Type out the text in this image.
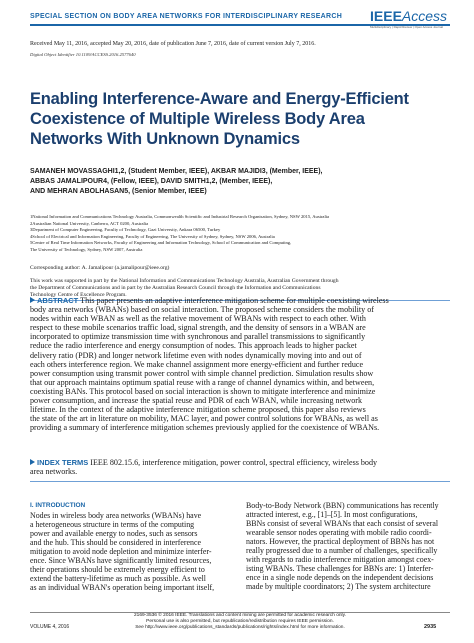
SPECIAL SECTION ON BODY AREA NETWORKS FOR INTERDISCIPLINARY RESEARCH IEEEAccess
Multidisciplinary | Rapid Review | Open Access Journal
Received May 11, 2016, accepted May 20, 2016, date of publication June 7, 2016, date of current version July 7, 2016.
Digital Object Identifier 10.1109/ACCESS.2016.2577640
Enabling Interference-Aware and Energy-Efficient
Coexistence of Multiple Wireless Body Area
Networks With Unknown Dynamics
SAMANEH MOVASSAGHI1,2, (Student Member, IEEE), AKBAR MAJIDI3, (Member, IEEE),
ABBAS JAMALIPOUR4, (Fellow, IEEE), DAVID SMITH1,2, (Member, IEEE),
AND MEHRAN ABOLHASAN5, (Senior Member, IEEE)
1National Information and Communications Technology Australia, Commonwealth Scientific and Industrial Research Organisation, Sydney, NSW 2015, Australia
2Australian National University, Canberra, ACT 0200, Australia
3Department of Computer Engineering, Faculty of Technology, Gazi University, Ankara 06500, Turkey
4School of Electrical and Information Engineering, Faculty of Engineering, The University of Sydney, Sydney, NSW 2006, Australia
5Centre of Real Time Information Networks, Faculty of Engineering and Information Technology, School of Communication and Computing,
The University of Technology, Sydney, NSW 2007, Australia
Corresponding author: A. Jamalipour (a.jamalipour@ieee.org)
This work was supported in part by the National Information and Communications Technology Australia, Australian Government through
the Department of Communications and in part by the Australian Research Council through the Information and Communications
Technology Centre of Excellence Program.
ABSTRACT This paper presents an adaptive interference mitigation scheme for multiple coexisting wireless
body area networks (WBANs) based on social interaction. The proposed scheme considers the mobility of
nodes within each WBAN as well as the relative movement of WBANs with respect to each other. With
respect to these mobile scenarios traffic load, signal strength, and the density of sensors in a WBAN are
incorporated to optimize transmission time with synchronous and parallel transmissions to significantly
reduce the radio interference and energy consumption of nodes. This approach leads to higher packet
delivery ratio (PDR) and longer network lifetime even with nodes dynamically moving into and out of
each others interference region. We make channel assignment more energy-efficient and further reduce
power consumption using transmit power control with simple channel prediction. Simulation results show
that our approach maintains optimum spatial reuse with a range of channel dynamics within, and between,
coexisting BANs. This protocol based on social interaction is shown to mitigate interference and minimize
power consumption, and increase the spatial reuse and PDR of each WBAN, while increasing network
lifetime. In the context of the adaptive interference mitigation scheme proposed, this paper also reviews
the state of the art in literature on mobility, MAC layer, and power control solutions for WBANs, as well as
providing a summary of interference mitigation schemes previously applied for the coexistence of WBANs.
INDEX TERMS IEEE 802.15.6, interference mitigation, power control, spectral efficiency, wireless body
area networks.
I. INTRODUCTION
Nodes in wireless body area networks (WBANs) have
a heterogeneous structure in terms of the computing
power and available energy to nodes, such as sensors
and the hub. This should be considered in interference
mitigation to avoid node depletion and minimize interfer-
ence. Since WBANs have significantly limited resources,
their operations should be extremely energy efficient to
extend the battery-lifetime as much as possible. As well
as an individual WBAN's operation being important itself,
Body-to-Body Network (BBN) communications has recently
attracted interest, e.g., [1]–[5]. In most configurations,
BBNs consist of several WBANs that each consist of several
wearable sensor nodes operating with mobile radio coordi-
nators. However, the practical deployment of BBNs has not
really progressed due to a number of challenges, specifically
with regards to radio interference mitigation amongst coex-
isting WBANs. These challenges for BBNs are: 1) Interfer-
ence in a single node depends on the independent decisions
made by multiple coordinators; 2) The system architecture
VOLUME 4, 2016
2169-3536 © 2016 IEEE. Translations and content mining are permitted for academic research only.
Personal use is also permitted, but republication/redistribution requires IEEE permission.
See http://www.ieee.org/publications_standards/publications/rights/index.html for more information.	2935
